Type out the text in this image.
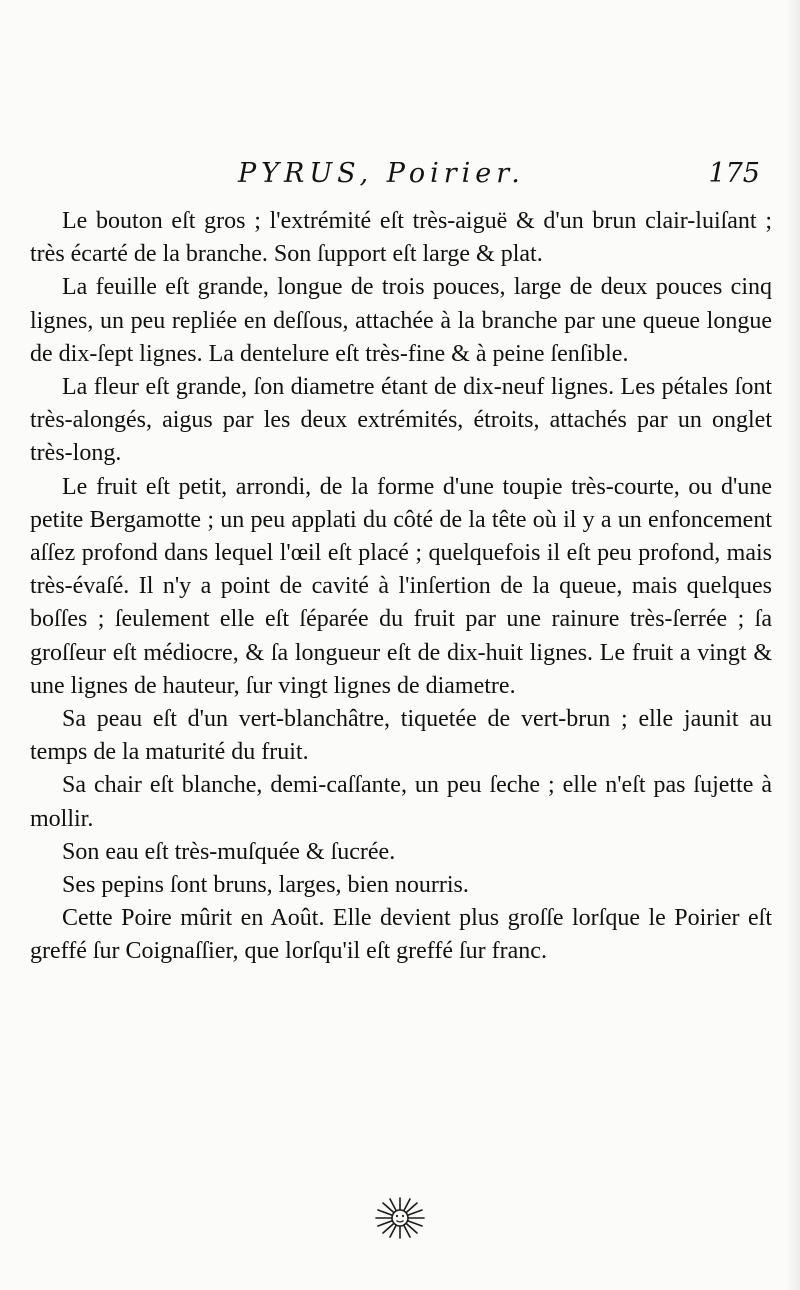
PYRUS, Poirier.	175

Le bouton eſt gros ; l'extrémité eſt très-aiguë & d'un brun clair-luiſant ; très écarté de la branche. Son ſupport eſt large & plat.

La feuille eſt grande, longue de trois pouces, large de deux pouces cinq lignes, un peu repliée en deſſous, attachée à la branche par une queue longue de dix-ſept lignes. La dentelure eſt très-fine & à peine ſenſible.

La fleur eſt grande, ſon diametre étant de dix-neuf lignes. Les pétales ſont très-alongés, aigus par les deux extrémités, étroits, attachés par un onglet très-long.

Le fruit eſt petit, arrondi, de la forme d'une toupie très-courte, ou d'une petite Bergamotte ; un peu applati du côté de la tête où il y a un enfoncement aſſez profond dans lequel l'œil eſt placé ; quelquefois il eſt peu profond, mais très-évaſé. Il n'y a point de cavité à l'inſertion de la queue, mais quelques boſſes ; ſeulement elle eſt ſéparée du fruit par une rainure très-ſerrée ; ſa groſſeur eſt médiocre, & ſa longueur eſt de dix-huit lignes. Le fruit a vingt & une lignes de hauteur, ſur vingt lignes de diametre.

Sa peau eſt d'un vert-blanchâtre, tiquetée de vert-brun ; elle jaunit au temps de la maturité du fruit.

Sa chair eſt blanche, demi-caſſante, un peu ſeche ; elle n'eſt pas ſujette à mollir.

Son eau eſt très-muſquée & ſucrée.

Ses pepins ſont bruns, larges, bien nourris.

Cette Poire mûrit en Août. Elle devient plus groſſe lorſque le Poirier eſt greffé ſur Coignaſſier, que lorſqu'il eſt greffé ſur franc.
